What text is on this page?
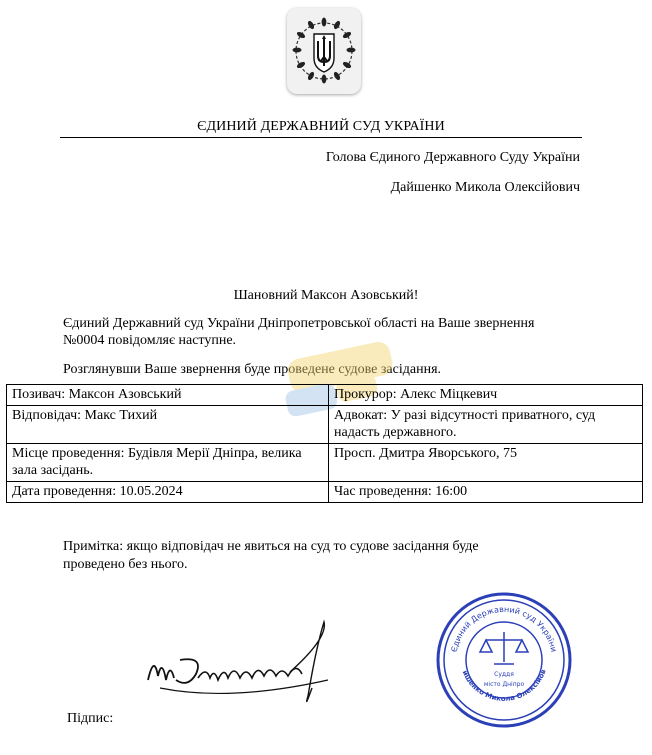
ЄДИНИЙ ДЕРЖАВНИЙ СУД УКРАЇНИ
Голова Єдиного Державного Суду України
Дайшенко Микола Олексійович
Шановний Максон Азовський!
Єдиний Державний суд України Дніпропетровської області на Ваше звернення №0004 повідомляє наступне.
Розглянувши Ваше звернення буде проведене судове засідання.
Позивач: Максон Азовський	Прокурор: Алекс Міцкевич
Відповідач: Макс Тихий	Адвокат: У разі відсутності приватного, суд надасть державного.
Місце проведення: Будівля Мерії Дніпра, велика зала засідань.	Просп. Дмитра Яворського, 75
Дата проведення: 10.05.2024	Час проведення: 16:00
Примітка: якщо відповідач не явиться на суд то судове засідання буде проведено без нього.
Єдиний Державний суд України
йшенко Микола Олексійов
Суддя
місто Дніпро
Підпис:
